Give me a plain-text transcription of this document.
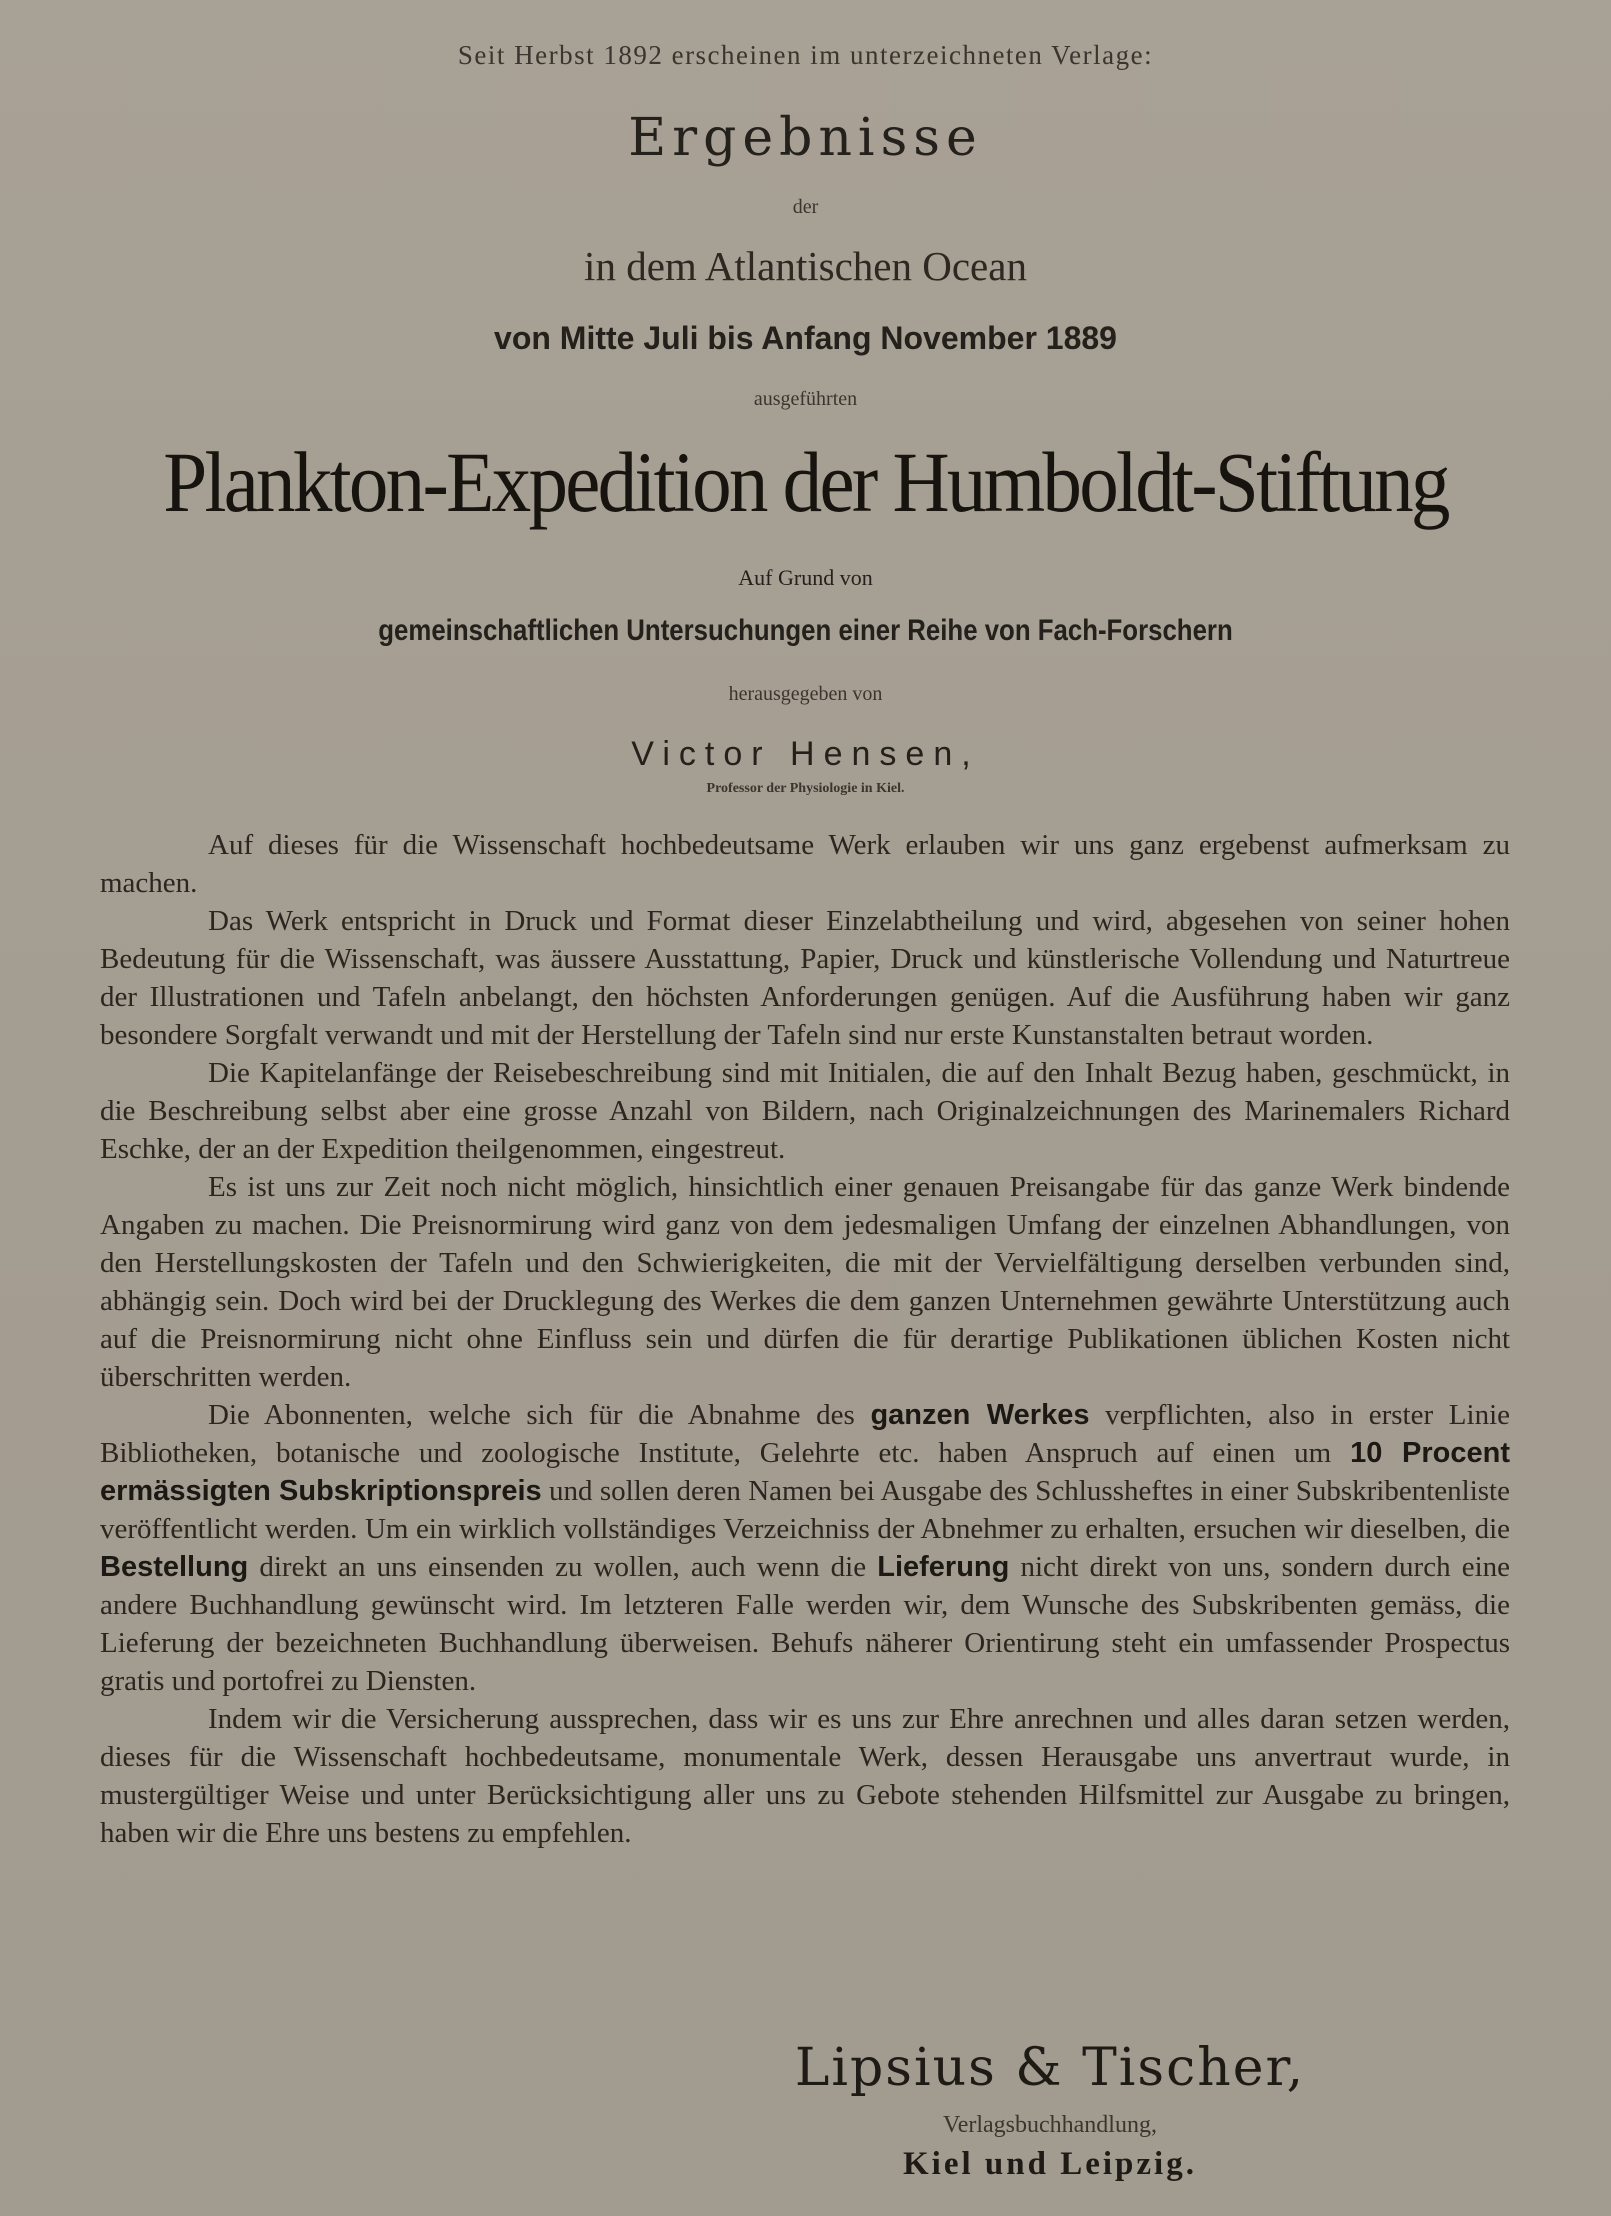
Seit Herbst 1892 erscheinen im unterzeichneten Verlage:
Ergebnisse
der
in dem Atlantischen Ocean
von Mitte Juli bis Anfang November 1889
ausgeführten
Plankton-Expedition der Humboldt-Stiftung
Auf Grund von
gemeinschaftlichen Untersuchungen einer Reihe von Fach-Forschern
herausgegeben von
Victor Hensen,
Professor der Physiologie in Kiel.

Auf dieses für die Wissenschaft hochbedeutsame Werk erlauben wir uns ganz ergebenst aufmerksam zu machen.

Das Werk entspricht in Druck und Format dieser Einzelabtheilung und wird, abgesehen von seiner hohen Bedeutung für die Wissenschaft, was äussere Ausstattung, Papier, Druck und künstlerische Vollendung und Naturtreue der Illustrationen und Tafeln anbelangt, den höchsten Anforderungen genügen. Auf die Ausführung haben wir ganz besondere Sorgfalt verwandt und mit der Herstellung der Tafeln sind nur erste Kunstanstalten betraut worden.

Die Kapitelanfänge der Reisebeschreibung sind mit Initialen, die auf den Inhalt Bezug haben, geschmückt, in die Beschreibung selbst aber eine grosse Anzahl von Bildern, nach Originalzeichnungen des Marinemalers Richard Eschke, der an der Expedition theilgenommen, eingestreut.

Es ist uns zur Zeit noch nicht möglich, hinsichtlich einer genauen Preisangabe für das ganze Werk bindende Angaben zu machen. Die Preisnormirung wird ganz von dem jedesmaligen Umfang der einzelnen Abhandlungen, von den Herstellungskosten der Tafeln und den Schwierigkeiten, die mit der Vervielfältigung derselben verbunden sind, abhängig sein. Doch wird bei der Drucklegung des Werkes die dem ganzen Unternehmen gewährte Unterstützung auch auf die Preisnormirung nicht ohne Einfluss sein und dürfen die für derartige Publikationen üblichen Kosten nicht überschritten werden.

Die Abonnenten, welche sich für die Abnahme des ganzen Werkes verpflichten, also in erster Linie Bibliotheken, botanische und zoologische Institute, Gelehrte etc. haben Anspruch auf einen um 10 Procent ermässigten Subskriptionspreis und sollen deren Namen bei Ausgabe des Schlussheftes in einer Subskribentenliste veröffentlicht werden. Um ein wirklich vollständiges Verzeichniss der Abnehmer zu erhalten, ersuchen wir dieselben, die Bestellung direkt an uns einsenden zu wollen, auch wenn die Lieferung nicht direkt von uns, sondern durch eine andere Buchhandlung gewünscht wird. Im letzteren Falle werden wir, dem Wunsche des Subskribenten gemäss, die Lieferung der bezeichneten Buchhandlung überweisen. Behufs näherer Orientirung steht ein umfassender Prospectus gratis und portofrei zu Diensten.

Indem wir die Versicherung aussprechen, dass wir es uns zur Ehre anrechnen und alles daran setzen werden, dieses für die Wissenschaft hochbedeutsame, monumentale Werk, dessen Herausgabe uns anvertraut wurde, in mustergültiger Weise und unter Berücksichtigung aller uns zu Gebote stehenden Hilfsmittel zur Ausgabe zu bringen, haben wir die Ehre uns bestens zu empfehlen.

Lipsius & Tischer,
Verlagsbuchhandlung,
Kiel und Leipzig.
